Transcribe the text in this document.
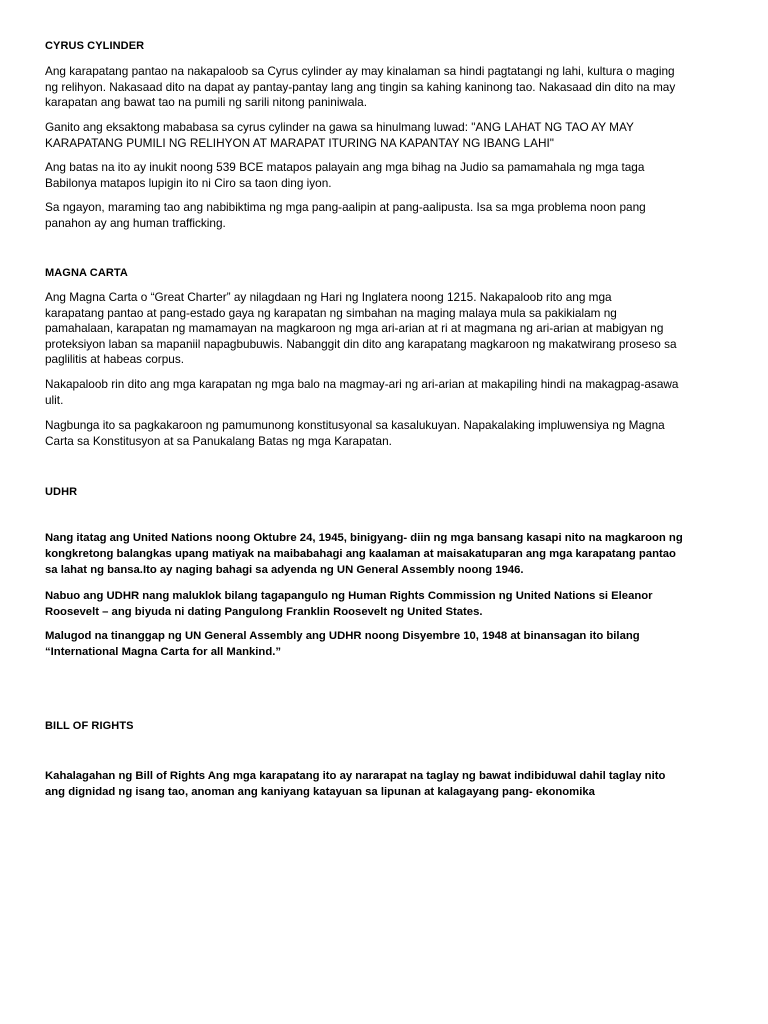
CYRUS CYLINDER
Ang karapatang pantao na nakapaloob sa Cyrus cylinder ay may kinalaman sa hindi pagtatangi ng lahi, kultura o maging
ng relihyon. Nakasaad dito na dapat ay pantay-pantay lang ang tingin sa kahing kaninong tao. Nakasaad din dito na may
karapatan ang bawat tao na pumili ng sarili nitong paniniwala.
Ganito ang eksaktong mababasa sa cyrus cylinder na gawa sa hinulmang luwad: "ANG LAHAT NG TAO AY MAY
KARAPATANG PUMILI NG RELIHYON AT MARAPAT ITURING NA KAPANTAY NG IBANG LAHI"
Ang batas na ito ay inukit noong 539 BCE matapos palayain ang mga bihag na Judio sa pamamahala ng mga taga
Babilonya matapos lupigin ito ni Ciro sa taon ding iyon.
Sa ngayon, maraming tao ang nabibiktima ng mga pang-aalipin at pang-aalipusta. Isa sa mga problema noon pang
panahon ay ang human trafficking.
MAGNA CARTA
Ang Magna Carta o “Great Charter” ay nilagdaan ng Hari ng Inglatera noong 1215. Nakapaloob rito ang mga
karapatang pantao at pang-estado gaya ng karapatan ng simbahan na maging malaya mula sa pakikialam ng
pamahalaan, karapatan ng mamamayan na magkaroon ng mga ari-arian at ri at magmana ng ari-arian at mabigyan ng
proteksiyon laban sa mapaniil napagbubuwis. Nabanggit din dito ang karapatang magkaroon ng makatwirang proseso sa
paglilitis at habeas corpus.
Nakapaloob rin dito ang mga karapatan ng mga balo na magmay-ari ng ari-arian at makapiling hindi na makagpag-asawa
ulit.
Nagbunga ito sa pagkakaroon ng pamumunong konstitusyonal sa kasalukuyan. Napakalaking impluwensiya ng Magna
Carta sa Konstitusyon at sa Panukalang Batas ng mga Karapatan.
UDHR
Nang itatag ang United Nations noong Oktubre 24, 1945, binigyang- diin ng mga bansang kasapi nito na magkaroon ng
kongkretong balangkas upang matiyak na maibabahagi ang kaalaman at maisakatuparan ang mga karapatang pantao
sa lahat ng bansa.Ito ay naging bahagi sa adyenda ng UN General Assembly noong 1946.
Nabuo ang UDHR nang maluklok bilang tagapangulo ng Human Rights Commission ng United Nations si Eleanor
Roosevelt – ang biyuda ni dating Pangulong Franklin Roosevelt ng United States.
Malugod na tinanggap ng UN General Assembly ang UDHR noong Disyembre 10, 1948 at binansagan ito bilang
“International Magna Carta for all Mankind.”
BILL OF RIGHTS
Kahalagahan ng Bill of Rights Ang mga karapatang ito ay nararapat na taglay ng bawat indibiduwal dahil taglay nito
ang dignidad ng isang tao, anoman ang kaniyang katayuan sa lipunan at kalagayang pang- ekonomika
